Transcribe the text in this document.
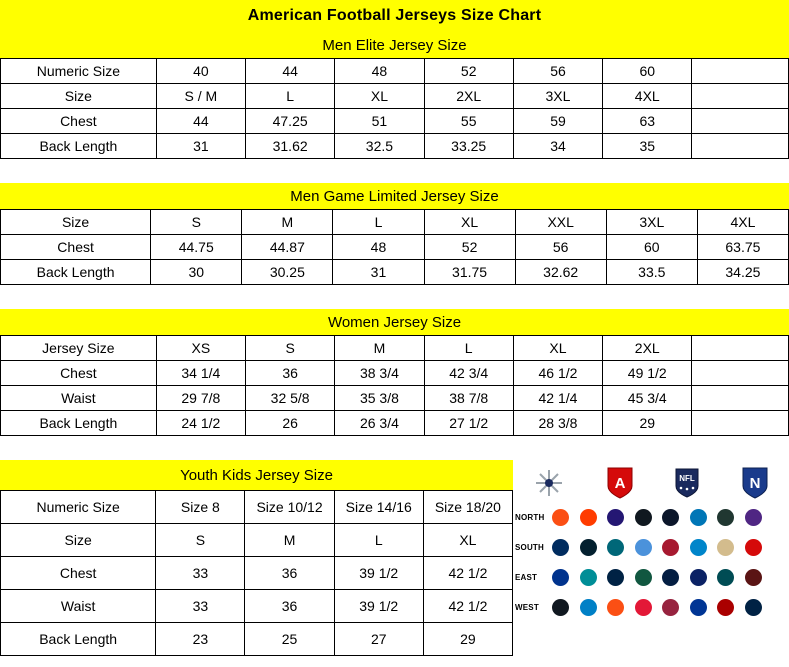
American Football Jerseys Size Chart
Men Elite Jersey Size
Numeric Size	40	44	48	52	56	60	
Size	S / M	L	XL	2XL	3XL	4XL	
Chest	44	47.25	51	55	59	63	
Back Length	31	31.62	32.5	33.25	34	35	
Men Game Limited Jersey Size
Size	S	M	L	XL	XXL	3XL	4XL
Chest	44.75	44.87	48	52	56	60	63.75
Back Length	30	30.25	31	31.75	32.62	33.5	34.25
Women Jersey Size
Jersey Size	XS	S	M	L	XL	2XL	
Chest	34 1/4	36	38 3/4	42 3/4	46 1/2	49 1/2	
Waist	29 7/8	32 5/8	35 3/8	38 7/8	42 1/4	45 3/4	
Back Length	24 1/2	26	26 3/4	27 1/2	28 3/8	29	
Youth Kids Jersey Size
Numeric Size	Size 8	Size 10/12	Size 14/16	Size 18/20
Size	S	M	L	XL
Chest	33	36	39 1/2	42 1/2
Waist	33	36	39 1/2	42 1/2
Back Length	23	25	27	29
A	NFL	N
NORTH
SOUTH
EAST
WEST
